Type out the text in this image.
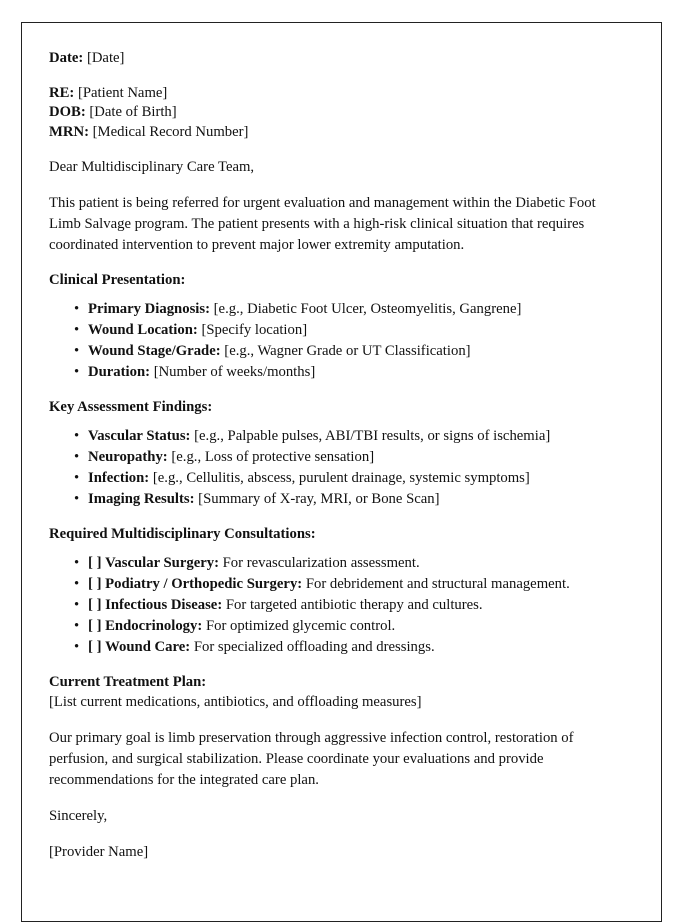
Date: [Date]

RE: [Patient Name]

DOB: [Date of Birth]

MRN: [Medical Record Number]

Dear Multidisciplinary Care Team,

This patient is being referred for urgent evaluation and management within the Diabetic Foot Limb Salvage program. The patient presents with a high-risk clinical situation that requires coordinated intervention to prevent major lower extremity amputation.

Clinical Presentation:

• Primary Diagnosis: [e.g., Diabetic Foot Ulcer, Osteomyelitis, Gangrene]
• Wound Location: [Specify location]
• Wound Stage/Grade: [e.g., Wagner Grade or UT Classification]
• Duration: [Number of weeks/months]

Key Assessment Findings:

• Vascular Status: [e.g., Palpable pulses, ABI/TBI results, or signs of ischemia]
• Neuropathy: [e.g., Loss of protective sensation]
• Infection: [e.g., Cellulitis, abscess, purulent drainage, systemic symptoms]
• Imaging Results: [Summary of X-ray, MRI, or Bone Scan]

Required Multidisciplinary Consultations:

• [ ] Vascular Surgery: For revascularization assessment.
• [ ] Podiatry / Orthopedic Surgery: For debridement and structural management.
• [ ] Infectious Disease: For targeted antibiotic therapy and cultures.
• [ ] Endocrinology: For optimized glycemic control.
• [ ] Wound Care: For specialized offloading and dressings.

Current Treatment Plan:

[List current medications, antibiotics, and offloading measures]

Our primary goal is limb preservation through aggressive infection control, restoration of perfusion, and surgical stabilization. Please coordinate your evaluations and provide recommendations for the integrated care plan.

Sincerely,

[Provider Name]
